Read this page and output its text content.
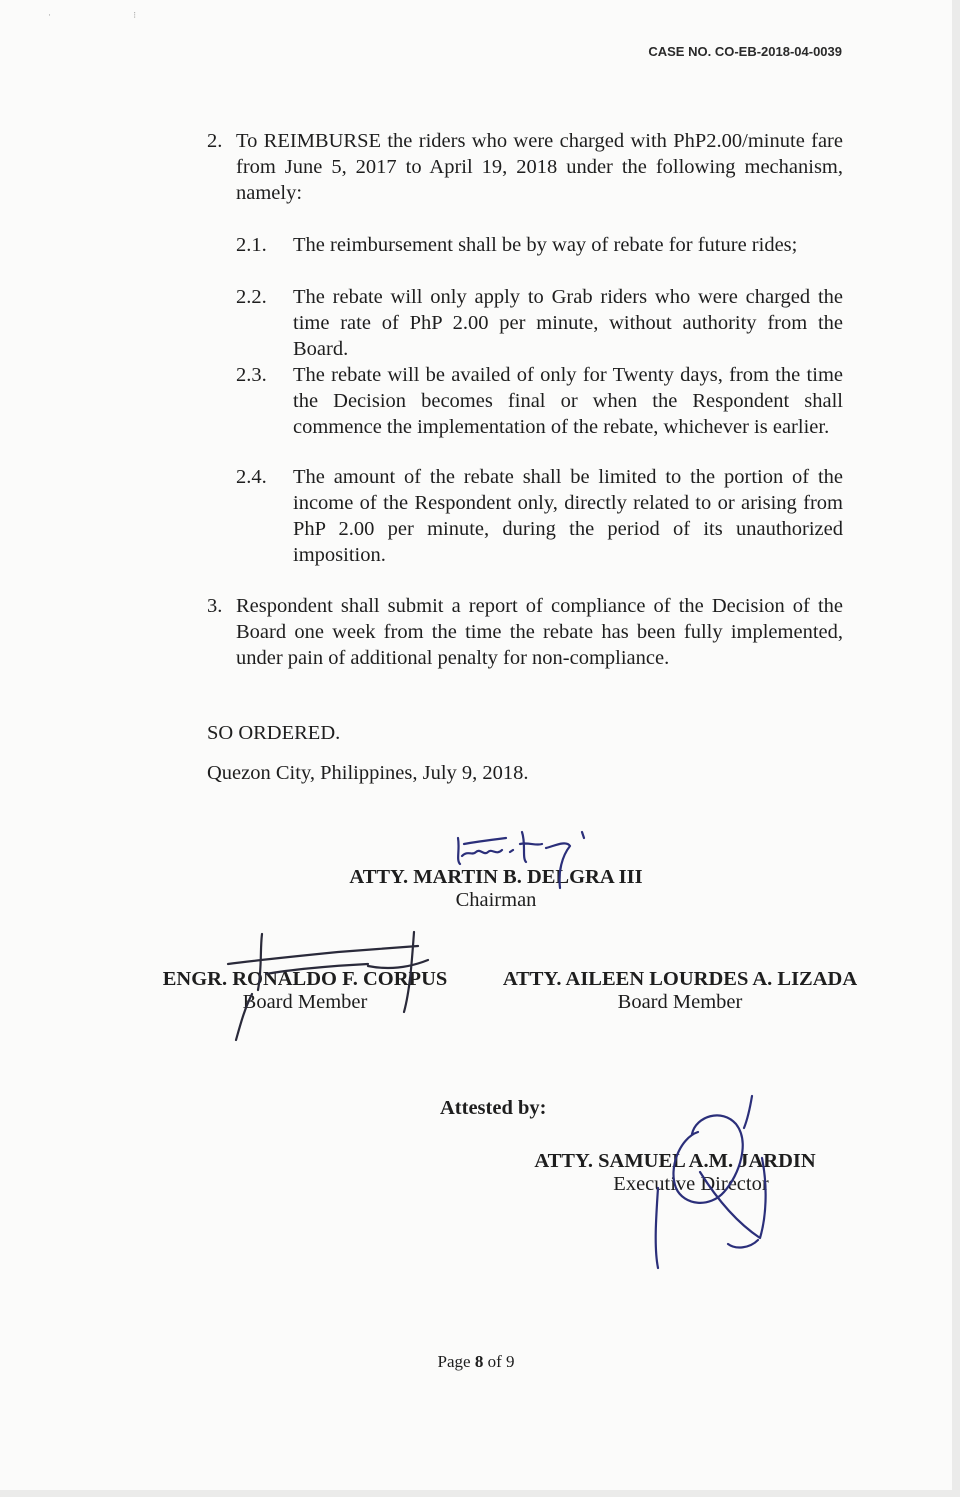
· ⁝
CASE NO. CO-EB-2018-04-0039
2. To REIMBURSE the riders who were charged with PhP2.00/minute fare from June 5, 2017 to April 19, 2018 under the following mechanism, namely:
2.1. The reimbursement shall be by way of rebate for future rides;
2.2. The rebate will only apply to Grab riders who were charged the time rate of PhP 2.00 per minute, without authority from the Board.
2.3. The rebate will be availed of only for Twenty days, from the time the Decision becomes final or when the Respondent shall commence the implementation of the rebate, whichever is earlier.
2.4. The amount of the rebate shall be limited to the portion of the income of the Respondent only, directly related to or arising from PhP 2.00 per minute, during the period of its unauthorized imposition.
3. Respondent shall submit a report of compliance of the Decision of the Board one week from the time the rebate has been fully implemented, under pain of additional penalty for non-compliance.
SO ORDERED.
Quezon City, Philippines, July 9, 2018.
ATTY. MARTIN B. DELGRA III
Chairman
ENGR. RONALDO F. CORPUS
Board Member
ATTY. AILEEN LOURDES A. LIZADA
Board Member
Attested by:
ATTY. SAMUEL A.M. JARDIN
Executive Director
Page 8 of 9
